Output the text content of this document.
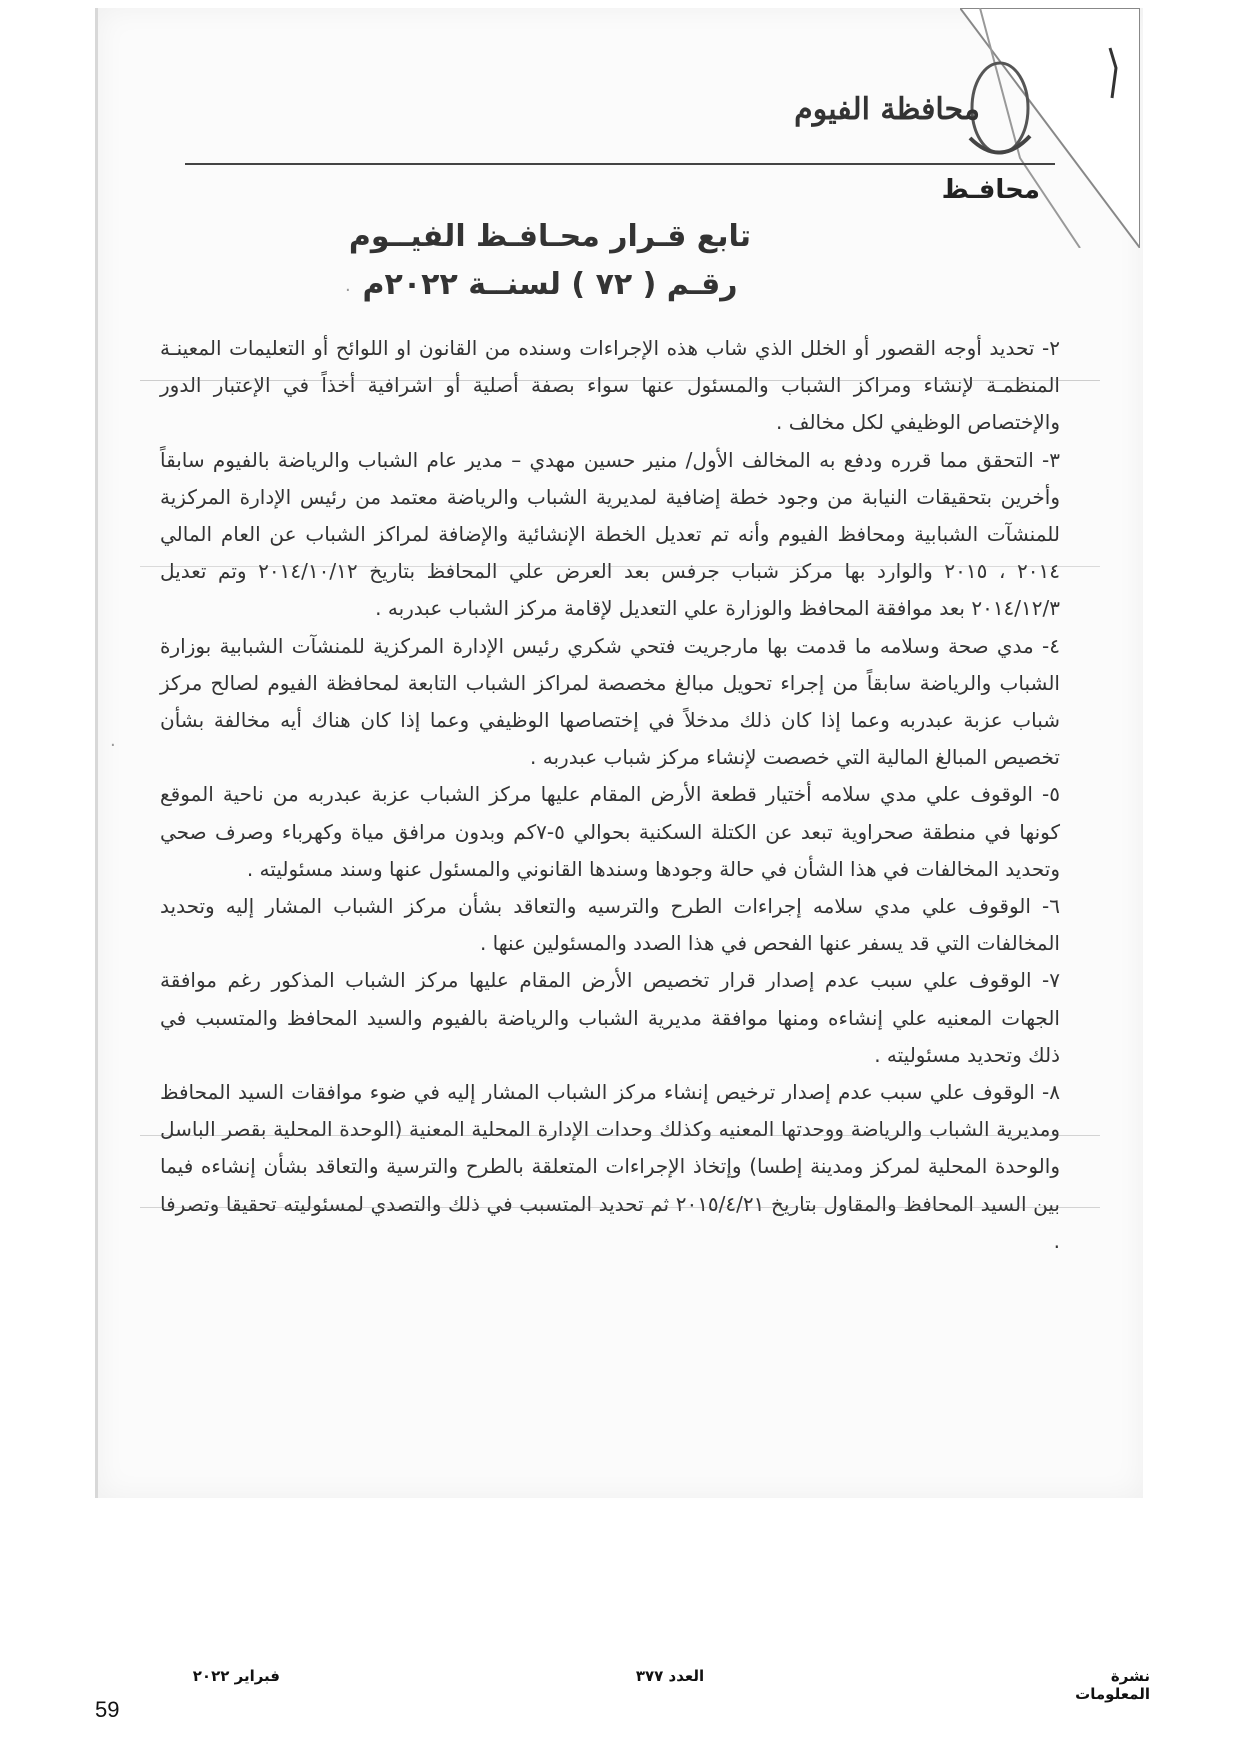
محافظة الفيوم
محافـظ
تابع قـرار محـافـظ الفيــوم
رقـم ( ٧٢ ) لسنــة ٢٠٢٢م
·
·

٢- تحديد أوجه القصور أو الخلل الذي شاب هذه الإجراءات وسنده من القانون او اللوائح أو التعليمات المعينـة المنظمـة لإنشاء ومراكز الشباب والمسئول عنها سواء بصفة أصلية أو اشرافية أخذاً في الإعتبار الدور والإختصاص الوظيفي لكل مخالف .

٣- التحقق مما قرره ودفع به المخالف الأول/ منير حسين مهدي – مدير عام الشباب والرياضة بالفيوم سابقاً وأخرين بتحقيقات النيابة من وجود خطة إضافية لمديرية الشباب والرياضة معتمد من رئيس الإدارة المركزية للمنشآت الشبابية ومحافظ الفيوم وأنه تم تعديل الخطة الإنشائية والإضافة لمراكز الشباب عن العام المالي ٢٠١٤ ، ٢٠١٥ والوارد بها مركز شباب جرفس بعد العرض علي المحافظ بتاريخ ٢٠١٤/١٠/١٢ وتم تعديل ٢٠١٤/١٢/٣ بعد موافقة المحافظ والوزارة علي التعديل لإقامة مركز الشباب عبدربه .

٤- مدي صحة وسلامه ما قدمت بها مارجريت فتحي شكري رئيس الإدارة المركزية للمنشآت الشبابية بوزارة الشباب والرياضة سابقاً من إجراء تحويل مبالغ مخصصة لمراكز الشباب التابعة لمحافظة الفيوم لصالح مركز شباب عزبة عبدربه وعما إذا كان ذلك مدخلاً في إختصاصها الوظيفي وعما إذا كان هناك أيه مخالفة بشأن تخصيص المبالغ المالية التي خصصت لإنشاء مركز شباب عبدربه .

٥- الوقوف علي مدي سلامه أختيار قطعة الأرض المقام عليها مركز الشباب عزبة عبدربه من ناحية الموقع كونها في منطقة صحراوية تبعد عن الكتلة السكنية بحوالي ٥-٧كم وبدون مرافق مياة وكهرباء وصرف صحي وتحديد المخالفات في هذا الشأن في حالة وجودها وسندها القانوني والمسئول عنها وسند مسئوليته .

٦- الوقوف علي مدي سلامه إجراءات الطرح والترسيه والتعاقد بشأن مركز الشباب المشار إليه وتحديد المخالفات التي قد يسفر عنها الفحص في هذا الصدد والمسئولين عنها .

٧- الوقوف علي سبب عدم إصدار قرار تخصيص الأرض المقام عليها مركز الشباب المذكور رغم موافقة الجهات المعنيه علي إنشاءه ومنها موافقة مديرية الشباب والرياضة بالفيوم والسيد المحافظ والمتسبب في ذلك وتحديد مسئوليته .

٨- الوقوف علي سبب عدم إصدار ترخيص إنشاء مركز الشباب المشار إليه في ضوء موافقات السيد المحافظ ومديرية الشباب والرياضة ووحدتها المعنيه وكذلك وحدات الإدارة المحلية المعنية (الوحدة المحلية بقصر الباسل والوحدة المحلية لمركز ومدينة إطسا) وإتخاذ الإجراءات المتعلقة بالطرح والترسية والتعاقد بشأن إنشاءه فيما بين السيد المحافظ والمقاول بتاريخ ٢٠١٥/٤/٢١ ثم تحديد المتسبب في ذلك والتصدي لمسئوليته تحقيقا وتصرفا .

نشرة المعلومات
العدد ٣٧٧
فبراير ٢٠٢٢
59
